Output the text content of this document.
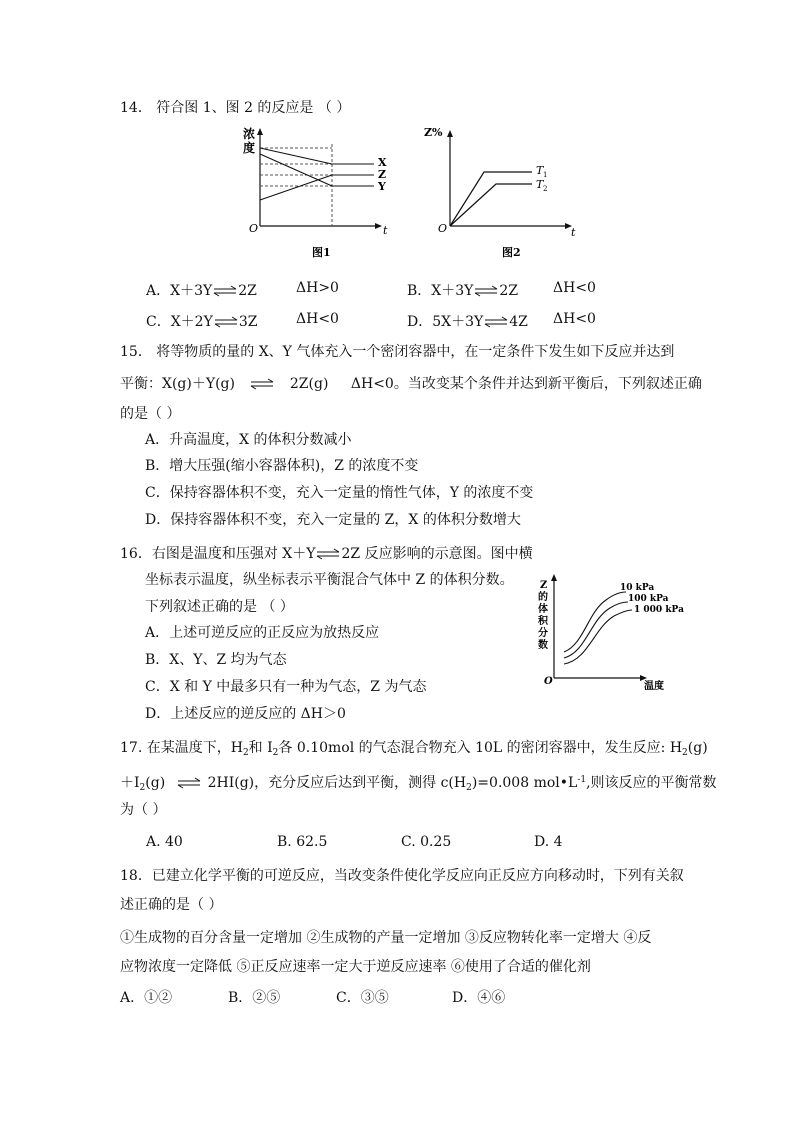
14． 符合图 1、图 2 的反应是 （ ）
浓
度
X
Z
Y
O	t
图1
Z%
T 1
T 2
O	t
图2
A．X＋3Y⇌2Z	ΔH>0	B．X＋3Y⇌2Z ΔH<0
C．X＋2Y⇌3Z	ΔH<0	D．5X＋3Y⇌4Z ΔH<0
15． 将等物质的量的 X、Y 气体充入一个密闭容器中，在一定条件下发生如下反应并达到
平衡：X(g)＋Y(g) ⇌ 2Z(g) ΔH<0。当改变某个条件并达到新平衡后，下列叙述正确
的是（ ）
A．升高温度，X 的体积分数减小
B．增大压强(缩小容器体积)，Z 的浓度不变
C．保持容器体积不变，充入一定量的惰性气体，Y 的浓度不变
D．保持容器体积不变，充入一定量的 Z，X 的体积分数增大
16．右图是温度和压强对 X＋Y⇌2Z 反应影响的示意图。图中横
坐标表示温度，纵坐标表示平衡混合气体中 Z 的体积分数。
下列叙述正确的是 （ ）
A．上述可逆反应的正反应为放热反应
B．X、Y、Z 均为气态
C．X 和 Y 中最多只有一种为气态，Z 为气态
D．上述反应的逆反应的 ΔH＞0
Z
的
体
积
分
数
10 kPa
100 kPa
1 000 kPa
O	温度
17. 在某温度下，$H_2$和 $I_2$各 0.10mol 的气态混合物充入 10L 的密闭容器中，发生反应: $H_2(g)$
$+I_2(g)$ ⇌ 2HI(g)，充分反应后达到平衡，测得 $c(H_2)=0.008$ $mol•L^{-1}$,则该反应的平衡常数
为（ ）
A. 40	B. 62.5	C. 0.25	D. 4
18．已建立化学平衡的可逆反应，当改变条件使化学反应向正反应方向移动时，下列有关叙
述正确的是（ ）
①生成物的百分含量一定增加 ②生成物的产量一定增加 ③反应物转化率一定增大 ④反
应物浓度一定降低 ⑤正反应速率一定大于逆反应速率 ⑥使用了合适的催化剂
A．①②	B．②⑤	C．③⑤	D．④⑥
